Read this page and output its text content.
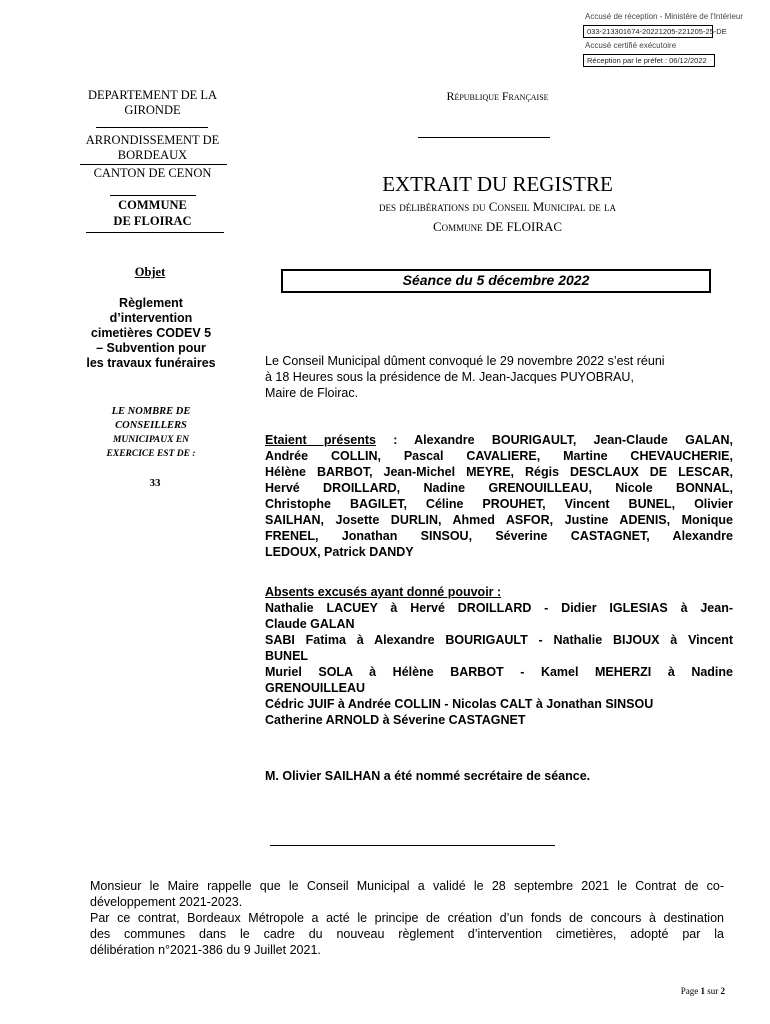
Accusé de réception - Ministère de l'Intérieur
033-213301674-20221205-221205-25-DE
Accusé certifié exécutoire
Réception par le préfet : 06/12/2022
DEPARTEMENT DE LA GIRONDE
ARRONDISSEMENT DE BORDEAUX
CANTON DE CENON
COMMUNE
DE FLOIRAC
Objet
Règlement
d’intervention
cimetières CODEV 5
– Subvention pour
les travaux funéraires
LE NOMBRE DE
CONSEILLERS
MUNICIPAUX EN
EXERCICE EST DE :
33
République Française
EXTRAIT DU REGISTRE
des délibérations du Conseil Municipal de la
Commune DE FLOIRAC
Séance du 5 décembre 2022
Le Conseil Municipal dûment convoqué le 29 novembre 2022 s’est réuni
à 18 Heures sous la présidence de M. Jean-Jacques PUYOBRAU,
Maire de Floirac.
Etaient présents : Alexandre BOURIGAULT, Jean-Claude GALAN,
Andrée COLLIN, Pascal CAVALIERE, Martine CHEVAUCHERIE,
Hélène BARBOT, Jean-Michel MEYRE, Régis DESCLAUX DE LESCAR,
Hervé DROILLARD, Nadine GRENOUILLEAU, Nicole BONNAL,
Christophe BAGILET, Céline PROUHET, Vincent BUNEL, Olivier
SAILHAN, Josette DURLIN, Ahmed ASFOR, Justine ADENIS, Monique
FRENEL, Jonathan SINSOU, Séverine CASTAGNET, Alexandre
LEDOUX, Patrick DANDY
Absents excusés ayant donné pouvoir :
Nathalie LACUEY à Hervé DROILLARD - Didier IGLESIAS à Jean-
Claude GALAN
SABI Fatima à Alexandre BOURIGAULT - Nathalie BIJOUX à Vincent
BUNEL
Muriel SOLA à Hélène BARBOT - Kamel MEHERZI à Nadine
GRENOUILLEAU
Cédric JUIF à Andrée COLLIN - Nicolas CALT à Jonathan SINSOU
Catherine ARNOLD à Séverine CASTAGNET
M. Olivier SAILHAN a été nommé secrétaire de séance.
Monsieur le Maire rappelle que le Conseil Municipal a validé le 28 septembre 2021 le Contrat de co-
développement 2021-2023.
Par ce contrat, Bordeaux Métropole a acté le principe de création d’un fonds de concours à destination
des communes dans le cadre du nouveau règlement d’intervention cimetières, adopté par la
délibération n°2021-386 du 9 Juillet 2021.
Page 1 sur 2
